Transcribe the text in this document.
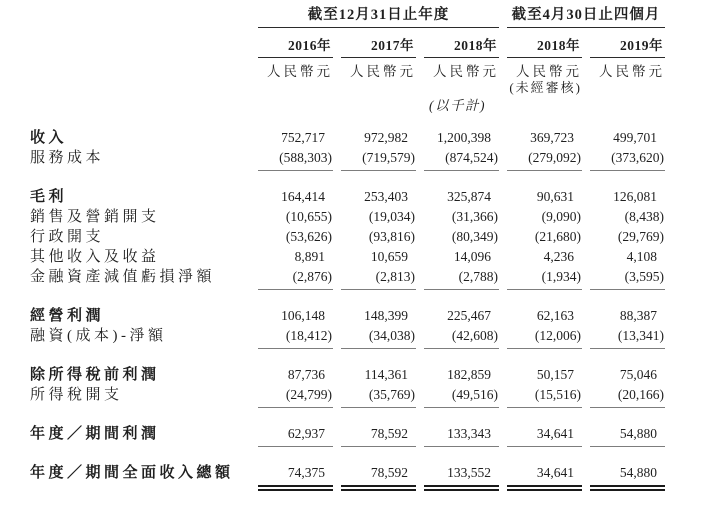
截至12月31日止年度	截至4月30日止四個月
2016年	2017年	2018年	2018年	2019年
人民幣元	人民幣元	人民幣元	人民幣元	人民幣元
(未經審核)
(以千計)
收入	752,717	972,982	1,200,398	369,723	499,701
服務成本	(588,303)	(719,579)	(874,524)	(279,092)	(373,620)
毛利	164,414	253,403	325,874	90,631	126,081
銷售及營銷開支	(10,655)	(19,034)	(31,366)	(9,090)	(8,438)
行政開支	(53,626)	(93,816)	(80,349)	(21,680)	(29,769)
其他收入及收益	8,891	10,659	14,096	4,236	4,108
金融資產減值虧損淨額	(2,876)	(2,813)	(2,788)	(1,934)	(3,595)
經營利潤	106,148	148,399	225,467	62,163	88,387
融資(成本)-淨額	(18,412)	(34,038)	(42,608)	(12,006)	(13,341)
除所得稅前利潤	87,736	114,361	182,859	50,157	75,046
所得稅開支	(24,799)	(35,769)	(49,516)	(15,516)	(20,166)
年度／期間利潤	62,937	78,592	133,343	34,641	54,880
年度／期間全面收入總額	74,375	78,592	133,552	34,641	54,880
